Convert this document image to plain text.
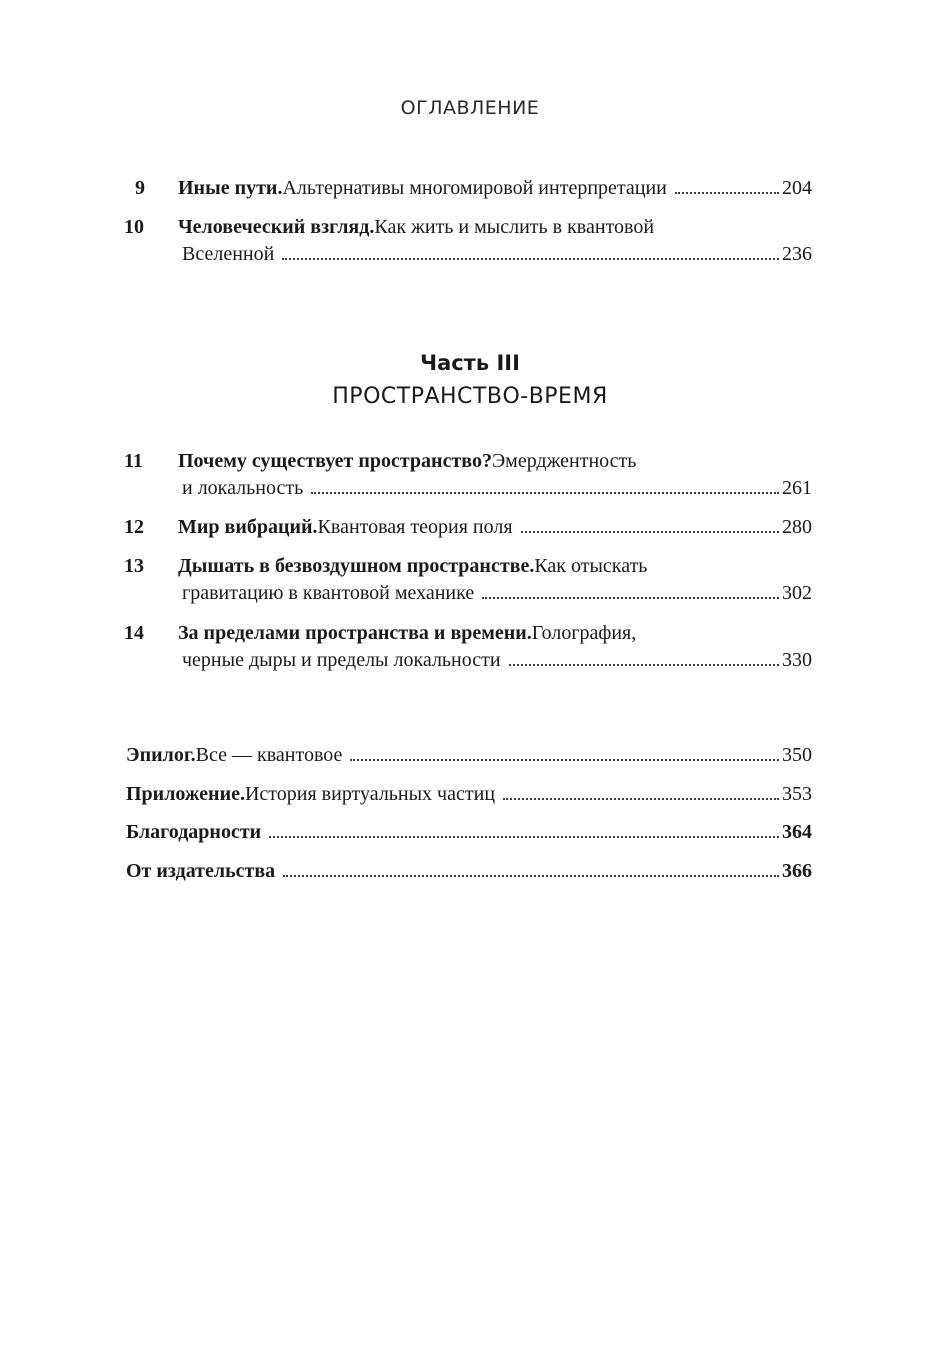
ОГЛАВЛЕНИЕ
9 Иные пути. Альтернативы многомировой интерпретации	204
10 Человеческий взгляд. Как жить и мыслить в квантовой
Вселенной	236
Часть III
ПРОСТРАНСТВО-ВРЕМЯ
11 Почему существует пространство? Эмерджентность
и локальность	261
12 Мир вибраций. Квантовая теория поля	280
13 Дышать в безвоздушном пространстве. Как отыскать
гравитацию в квантовой механике	302
14 За пределами пространства и времени. Голография,
черные дыры и пределы локальности	330
Эпилог. Все — квантовое	350
Приложение. История виртуальных частиц	353
Благодарности	364
От издательства	366
